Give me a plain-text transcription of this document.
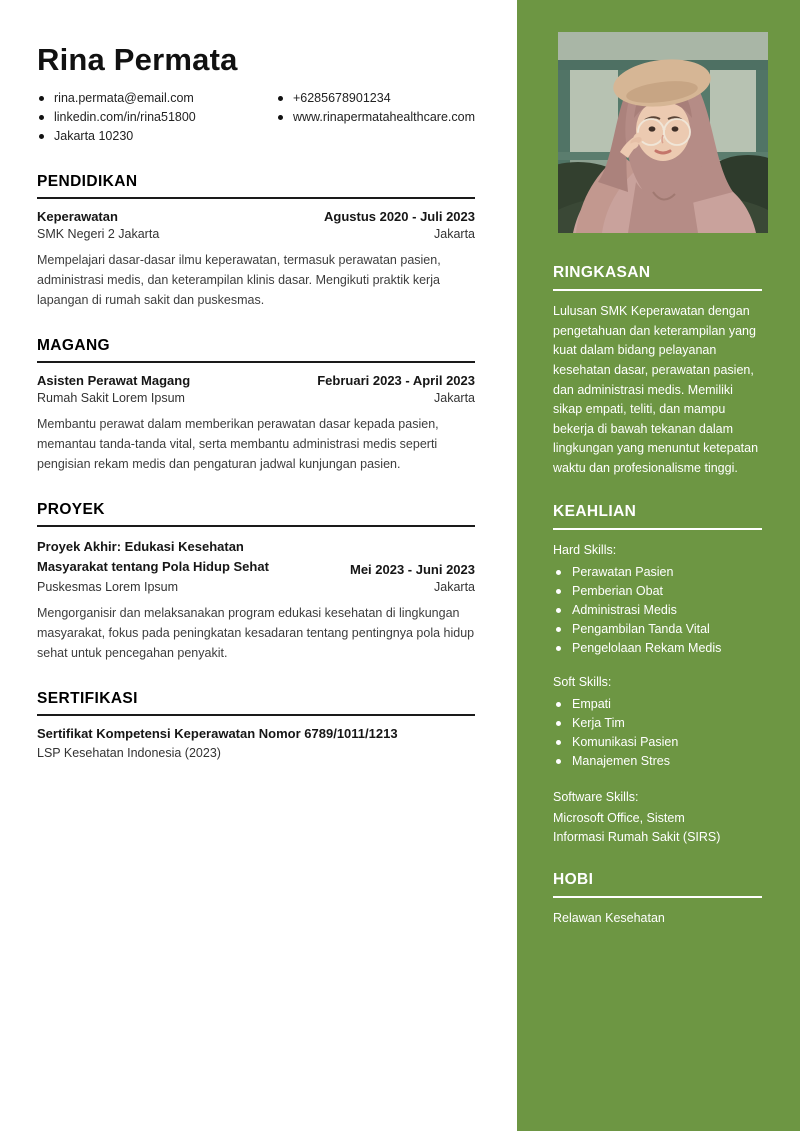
Rina Permata
rina.permata@email.com
linkedin.com/in/rina51800
Jakarta 10230
+6285678901234
www.rinapermatahealthcare.com
PENDIDIKAN
Keperawatan	Agustus 2020 - Juli 2023
SMK Negeri 2 Jakarta	Jakarta
Mempelajari dasar-dasar ilmu keperawatan, termasuk perawatan pasien, administrasi medis, dan keterampilan klinis dasar. Mengikuti praktik kerja lapangan di rumah sakit dan puskesmas.
MAGANG
Asisten Perawat Magang	Februari 2023 - April 2023
Rumah Sakit Lorem Ipsum	Jakarta
Membantu perawat dalam memberikan perawatan dasar kepada pasien, memantau tanda-tanda vital, serta membantu administrasi medis seperti pengisian rekam medis dan pengaturan jadwal kunjungan pasien.
PROYEK
Proyek Akhir: Edukasi Kesehatan Masyarakat tentang Pola Hidup Sehat	Mei 2023 - Juni 2023
Puskesmas Lorem Ipsum	Jakarta
Mengorganisir dan melaksanakan program edukasi kesehatan di lingkungan masyarakat, fokus pada peningkatan kesadaran tentang pentingnya pola hidup sehat untuk pencegahan penyakit.
SERTIFIKASI
Sertifikat Kompetensi Keperawatan Nomor 6789/1011/1213
LSP Kesehatan Indonesia (2023)
RINGKASAN
Lulusan SMK Keperawatan dengan pengetahuan dan keterampilan yang kuat dalam bidang pelayanan kesehatan dasar, perawatan pasien, dan administrasi medis. Memiliki sikap empati, teliti, dan mampu bekerja di bawah tekanan dalam lingkungan yang menuntut ketepatan waktu dan profesionalisme tinggi.
KEAHLIAN
Hard Skills:
Perawatan Pasien
Pemberian Obat
Administrasi Medis
Pengambilan Tanda Vital
Pengelolaan Rekam Medis
Soft Skills:
Empati
Kerja Tim
Komunikasi Pasien
Manajemen Stres
Software Skills:
Microsoft Office, Sistem Informasi Rumah Sakit (SIRS)
HOBI
Relawan Kesehatan
